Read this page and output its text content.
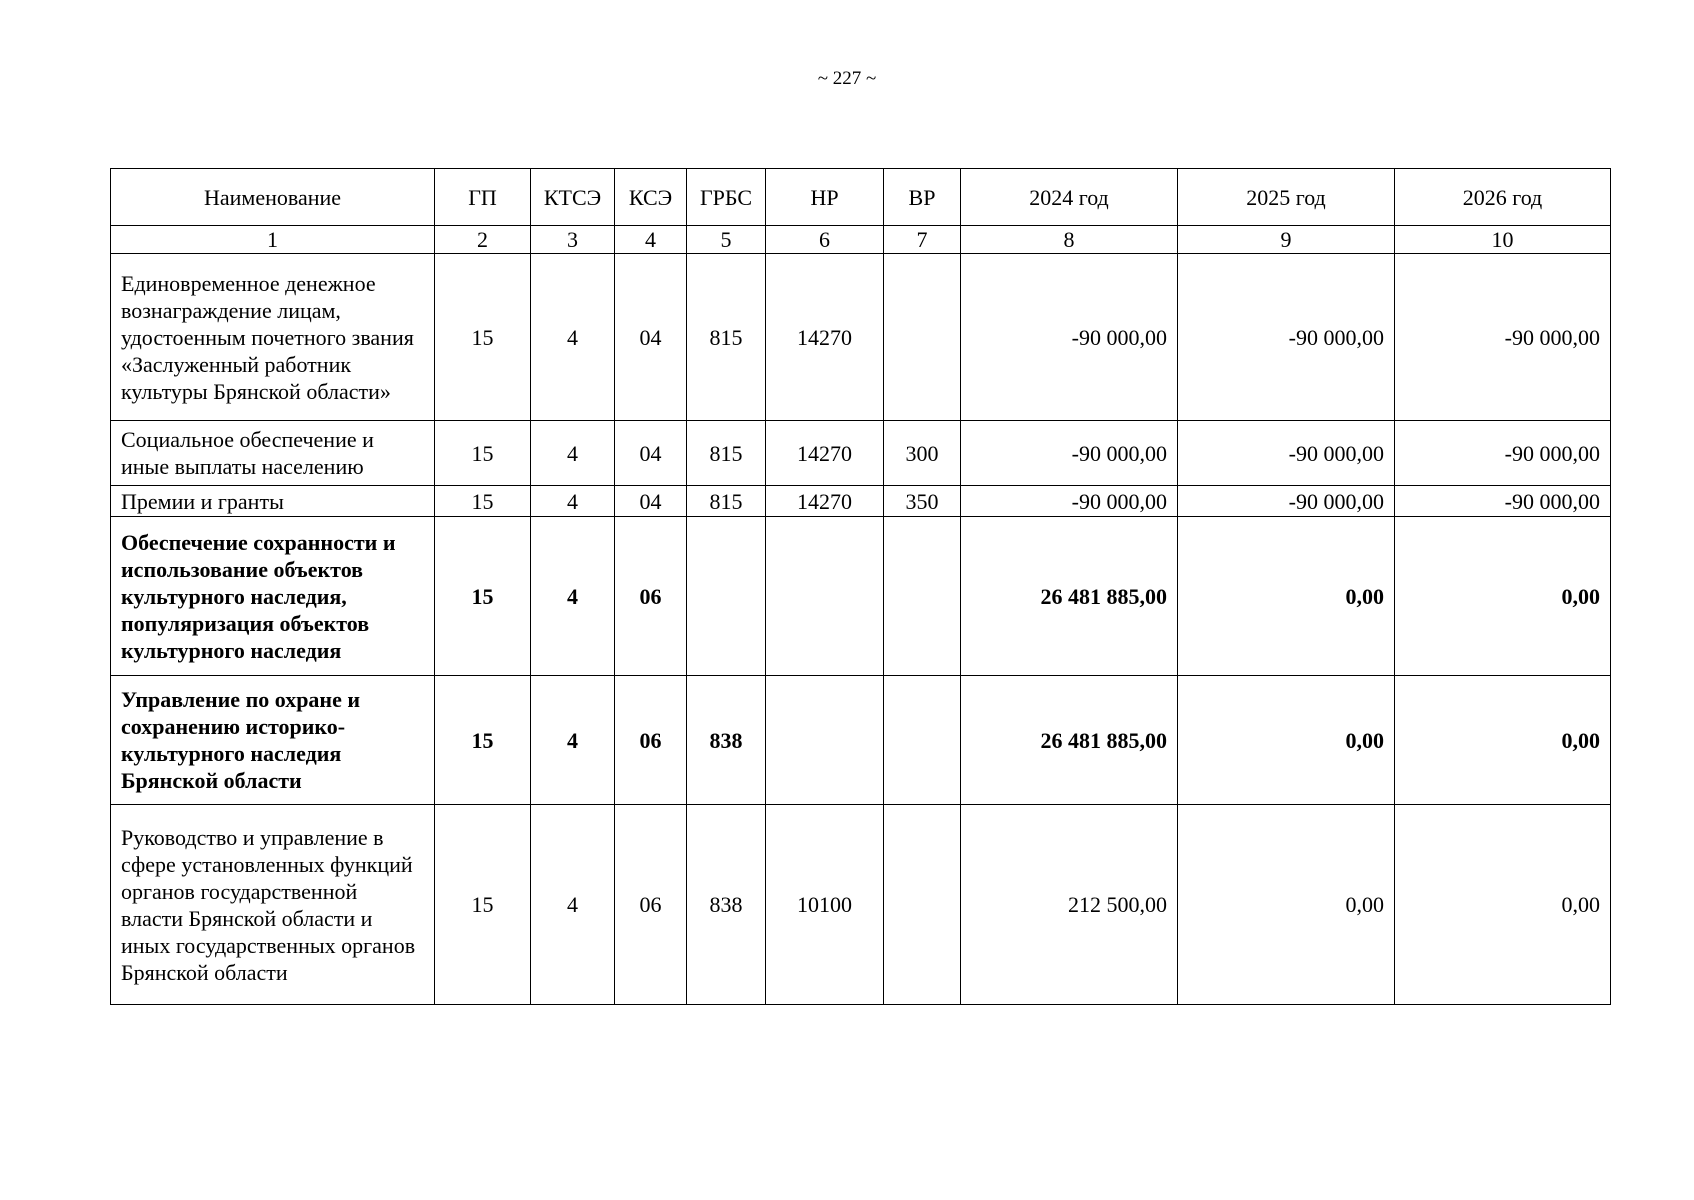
~ 227 ~
Наименование	ГП	КТСЭ	КСЭ	ГРБС	НР	ВР	2024 год	2025 год	2026 год
1	2	3	4	5	6	7	8	9	10
Единовременное денежное вознаграждение лицам, удостоенным почетного звания «Заслуженный работник культуры Брянской области»	15	4	04	815	14270		-90 000,00	-90 000,00	-90 000,00
Социальное обеспечение и иные выплаты населению	15	4	04	815	14270	300	-90 000,00	-90 000,00	-90 000,00
Премии и гранты	15	4	04	815	14270	350	-90 000,00	-90 000,00	-90 000,00
Обеспечение сохранности и использование объектов культурного наследия, популяризация объектов культурного наследия	15	4	06				26 481 885,00	0,00	0,00
Управление по охране и сохранению историко-культурного наследия Брянской области	15	4	06	838			26 481 885,00	0,00	0,00
Руководство и управление в сфере установленных функций органов государственной власти Брянской области и иных государственных органов Брянской области	15	4	06	838	10100		212 500,00	0,00	0,00
